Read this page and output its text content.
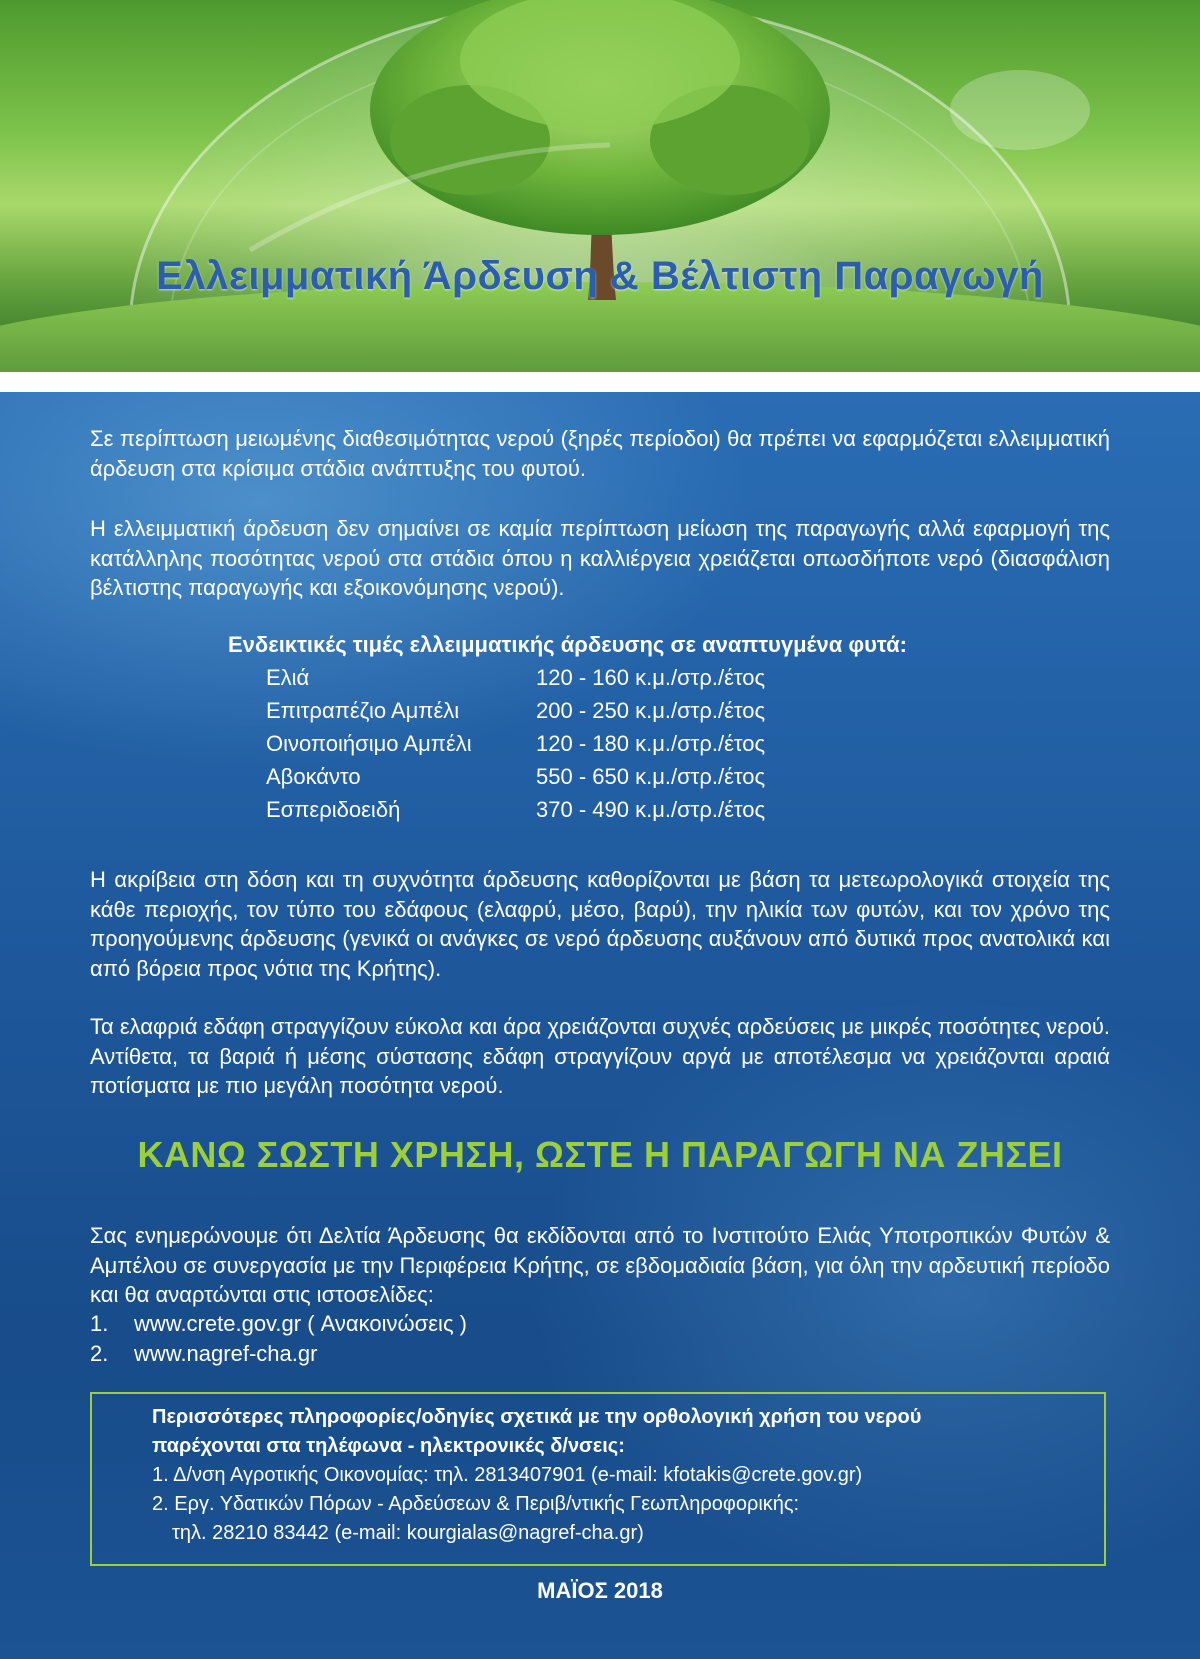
Ελλειμματική Άρδευση & Βέλτιστη Παραγωγή

Σε περίπτωση μειωμένης διαθεσιμότητας νερού (ξηρές περίοδοι) θα πρέπει να εφαρμόζεται ελλειμματική άρδευση στα κρίσιμα στάδια ανάπτυξης του φυτού.

Η ελλειμματική άρδευση δεν σημαίνει σε καμία περίπτωση μείωση της παραγωγής αλλά εφαρμογή της κατάλληλης ποσότητας νερού στα στάδια όπου η καλλιέργεια χρειάζεται οπωσδήποτε νερό (διασφάλιση βέλτιστης παραγωγής και εξοικονόμησης νερού).

Ενδεικτικές τιμές ελλειμματικής άρδευσης σε αναπτυγμένα φυτά:

Ελιά	120 - 160 κ.μ./στρ./έτος
Επιτραπέζιο Αμπέλι	200 - 250 κ.μ./στρ./έτος
Οινοποιήσιμο Αμπέλι	120 - 180 κ.μ./στρ./έτος
Αβοκάντο	550 - 650 κ.μ./στρ./έτος
Εσπεριδοειδή	370 - 490 κ.μ./στρ./έτος

Η ακρίβεια στη δόση και τη συχνότητα άρδευσης καθορίζονται με βάση τα μετεωρολογικά στοιχεία της κάθε περιοχής, τον τύπο του εδάφους (ελαφρύ, μέσο, βαρύ), την ηλικία των φυτών, και τον χρόνο της προηγούμενης άρδευσης (γενικά οι ανάγκες σε νερό άρδευσης αυξάνουν από δυτικά προς ανατολικά και από βόρεια προς νότια της Κρήτης).

Τα ελαφριά εδάφη στραγγίζουν εύκολα και άρα χρειάζονται συχνές αρδεύσεις με μικρές ποσότητες νερού. Αντίθετα, τα βαριά ή μέσης σύστασης εδάφη στραγγίζουν αργά με αποτέλεσμα να χρειάζονται αραιά ποτίσματα με πιο μεγάλη ποσότητα νερού.

ΚΑΝΩ ΣΩΣΤΗ ΧΡΗΣΗ, ΩΣΤΕ Η ΠΑΡΑΓΩΓΗ ΝΑ ΖΗΣΕΙ

Σας ενημερώνουμε ότι Δελτία Άρδευσης θα εκδίδονται από το Ινστιτούτο Ελιάς Υποτροπικών Φυτών & Αμπέλου σε συνεργασία με την Περιφέρεια Κρήτης, σε εβδομαδιαία βάση, για όλη την αρδευτική περίοδο και θα αναρτώνται στις ιστοσελίδες:

1. www.crete.gov.gr ( Ανακοινώσεις )
2. www.nagref-cha.gr

Περισσότερες πληροφορίες/οδηγίες σχετικά με την ορθολογική χρήση του νερού

παρέχονται στα τηλέφωνα - ηλεκτρονικές δ/νσεις:

1. Δ/νση Αγροτικής Οικονομίας: τηλ. 2813407901 (e-mail: kfotakis@crete.gov.gr)

2. Εργ. Υδατικών Πόρων - Αρδεύσεων & Περιβ/ντικής Γεωπληροφορικής:

τηλ. 28210 83442 (e-mail: kourgialas@nagref-cha.gr)

ΜΑΪΟΣ 2018
